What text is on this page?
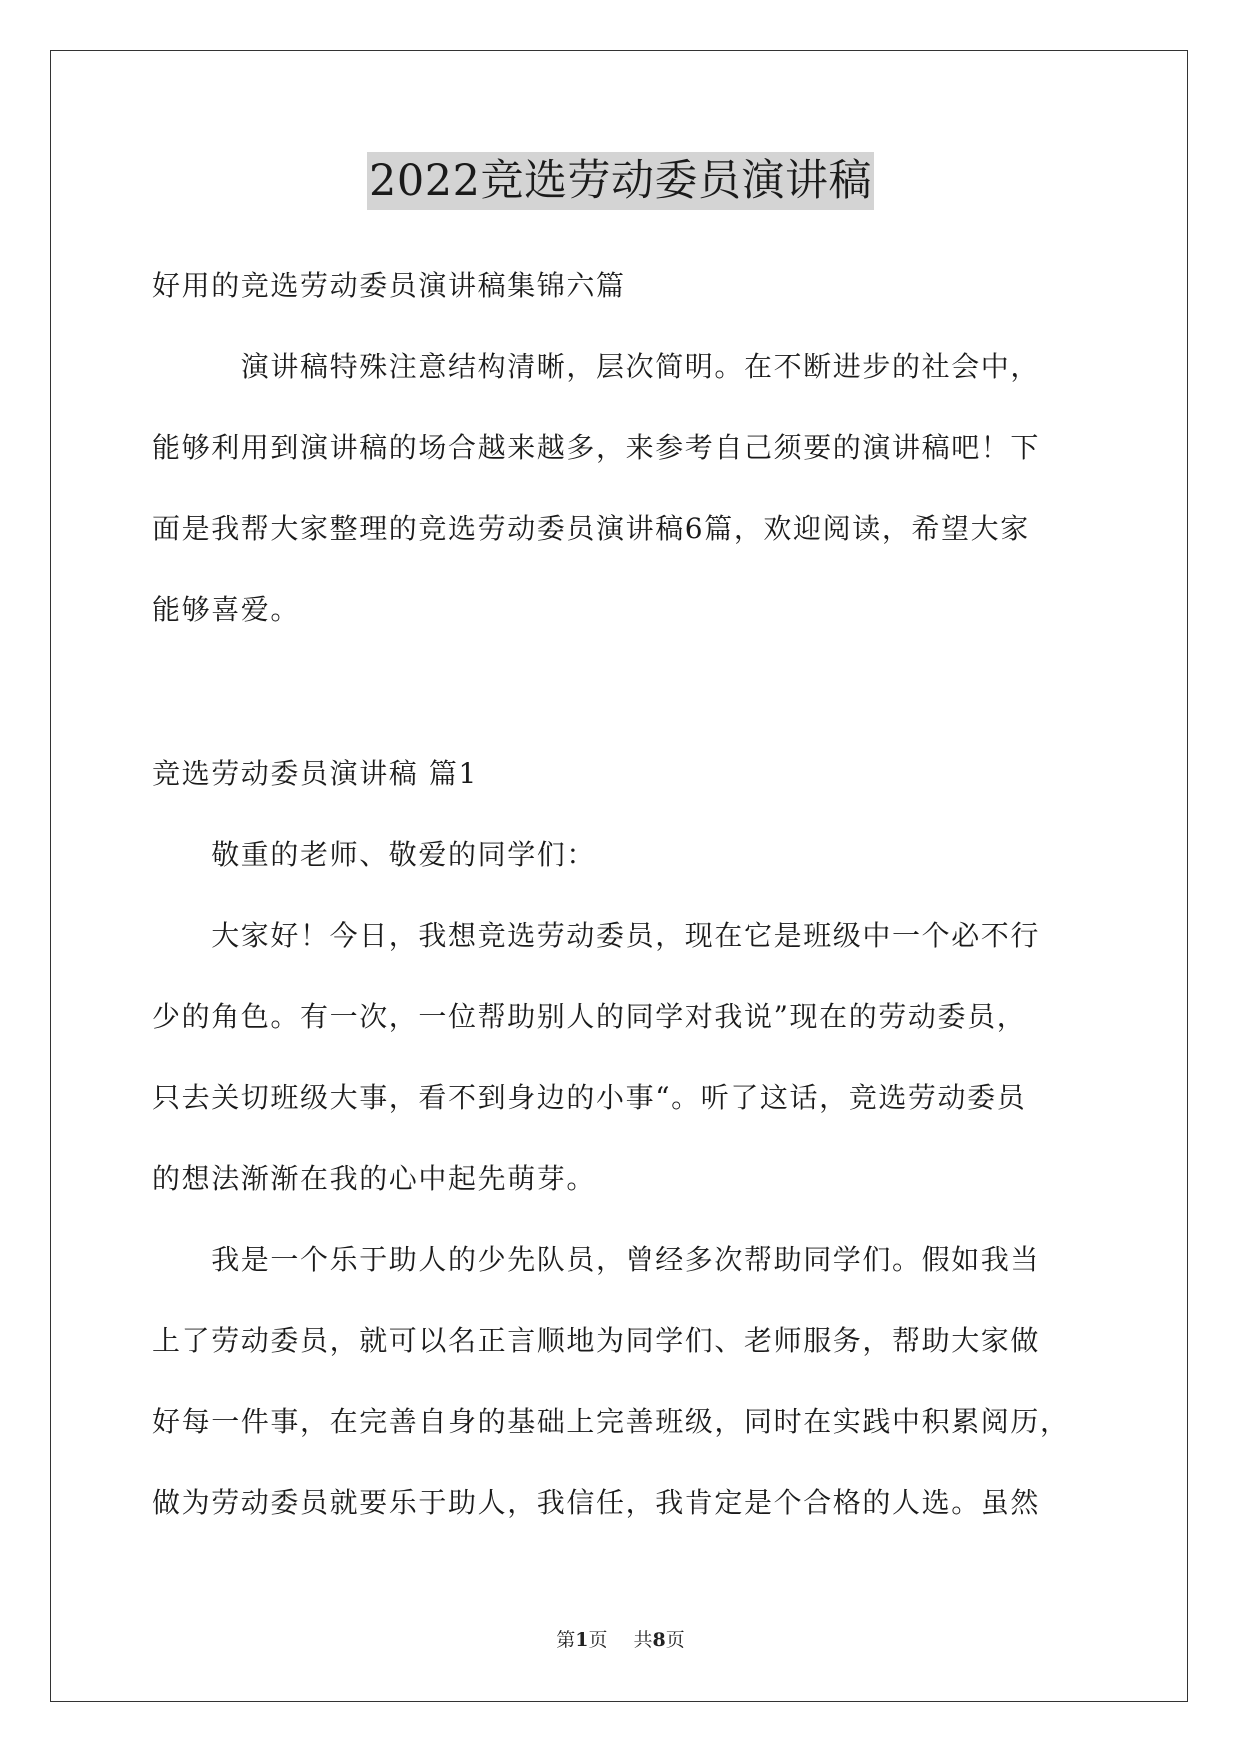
2022竞选劳动委员演讲稿
好用的竞选劳动委员演讲稿集锦六篇
　　　演讲稿特殊注意结构清晰，层次简明。在不断进步的社会中，
能够利用到演讲稿的场合越来越多，来参考自己须要的演讲稿吧！下
面是我帮大家整理的竞选劳动委员演讲稿6篇，欢迎阅读，希望大家
能够喜爱。
竞选劳动委员演讲稿 篇1
　　敬重的老师、敬爱的同学们：
　　大家好！今日，我想竞选劳动委员，现在它是班级中一个必不行
少的角色。有一次，一位帮助别人的同学对我说”现在的劳动委员，
只去关切班级大事，看不到身边的小事“。听了这话，竞选劳动委员
的想法渐渐在我的心中起先萌芽。
　　我是一个乐于助人的少先队员，曾经多次帮助同学们。假如我当
上了劳动委员，就可以名正言顺地为同学们、老师服务，帮助大家做
好每一件事，在完善自身的基础上完善班级，同时在实践中积累阅历，
做为劳动委员就要乐于助人，我信任，我肯定是个合格的人选。虽然
第1页 共8页
